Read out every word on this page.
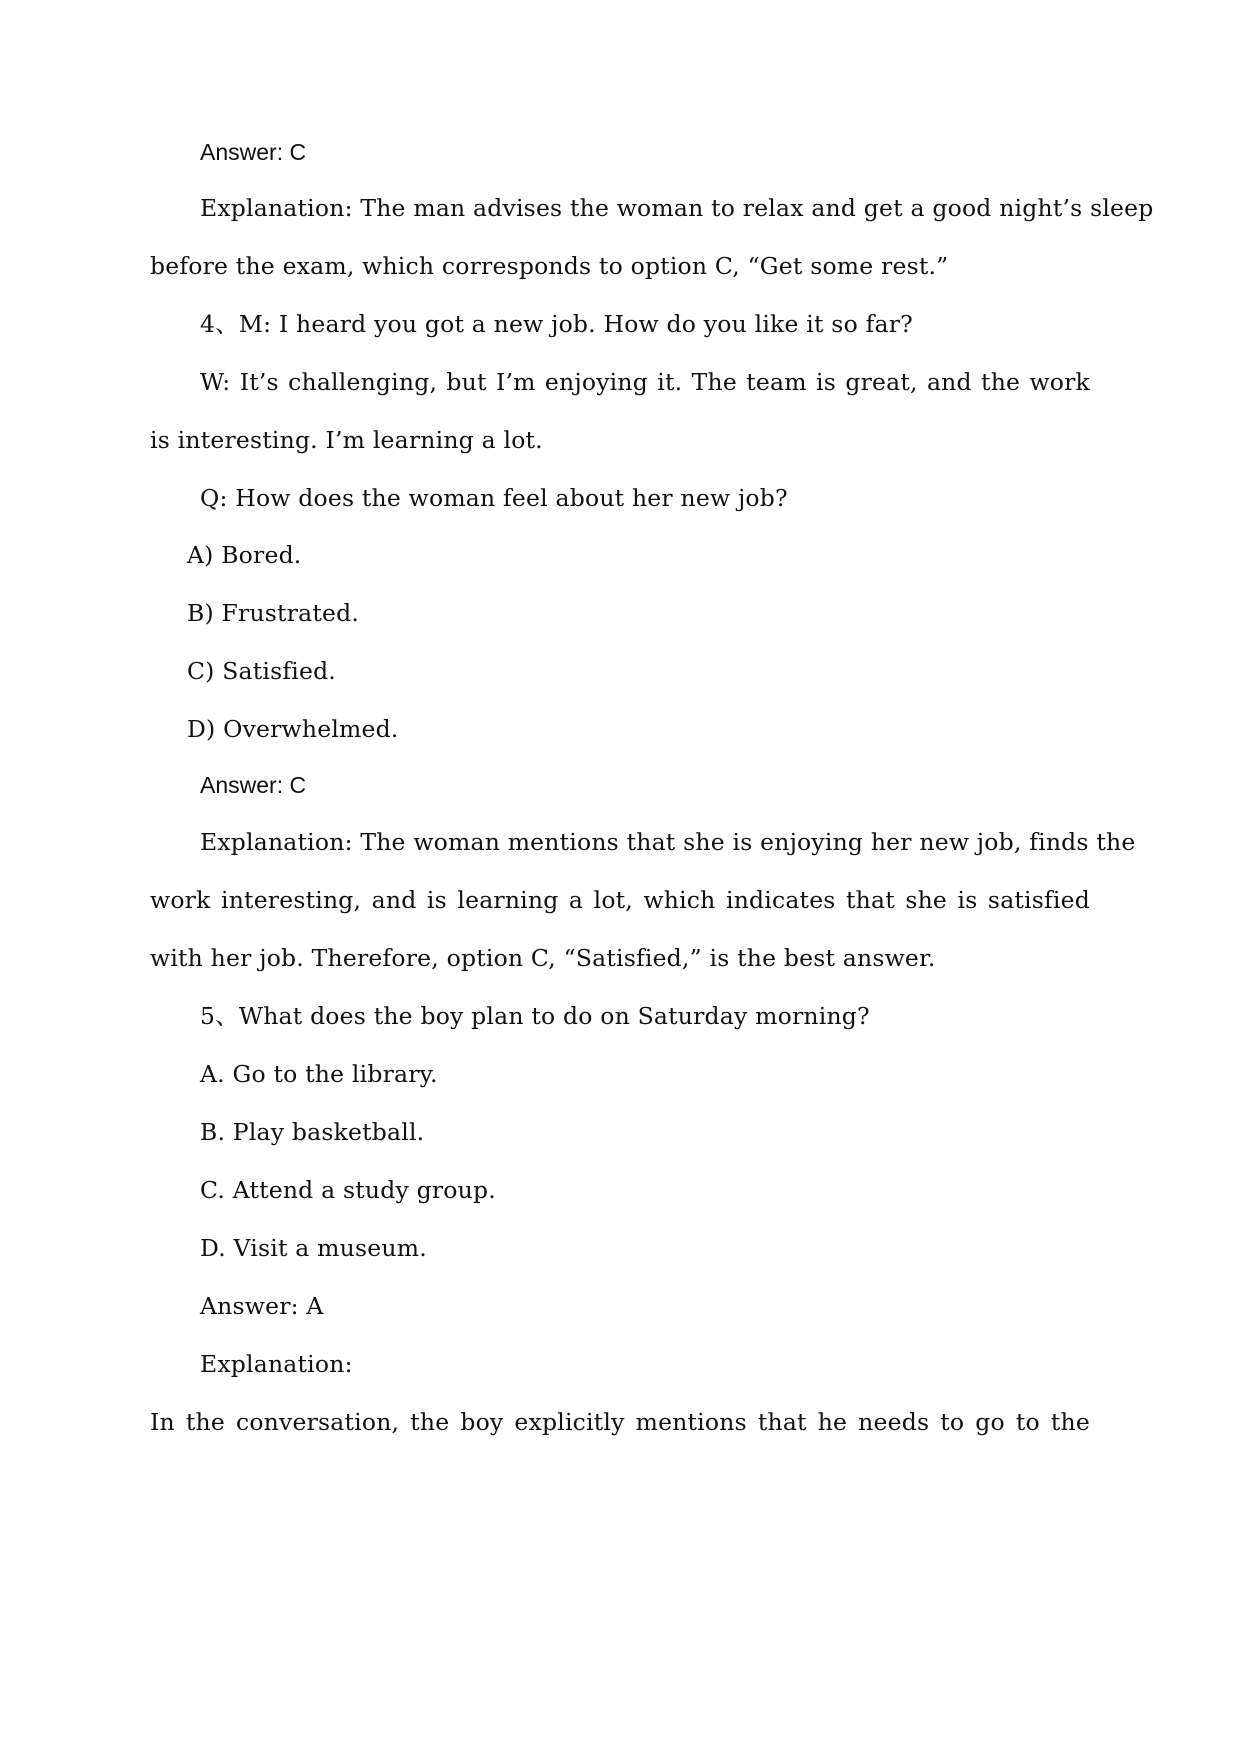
Answer: C
Explanation: The man advises the woman to relax and get a good night’s sleep
before the exam, which corresponds to option C, “Get some rest.”
4、M: I heard you got a new job. How do you like it so far?
W: It’s challenging, but I’m enjoying it. The team is great, and the work
is interesting. I’m learning a lot.
Q: How does the woman feel about her new job?
A) Bored.
B) Frustrated.
C) Satisfied.
D) Overwhelmed.
Answer: C
Explanation: The woman mentions that she is enjoying her new job, finds the
work interesting, and is learning a lot, which indicates that she is satisfied
with her job. Therefore, option C, “Satisfied,” is the best answer.
5、What does the boy plan to do on Saturday morning?
A. Go to the library.
B. Play basketball.
C. Attend a study group.
D. Visit a museum.
Answer: A
Explanation:
In the conversation, the boy explicitly mentions that he needs to go to the
